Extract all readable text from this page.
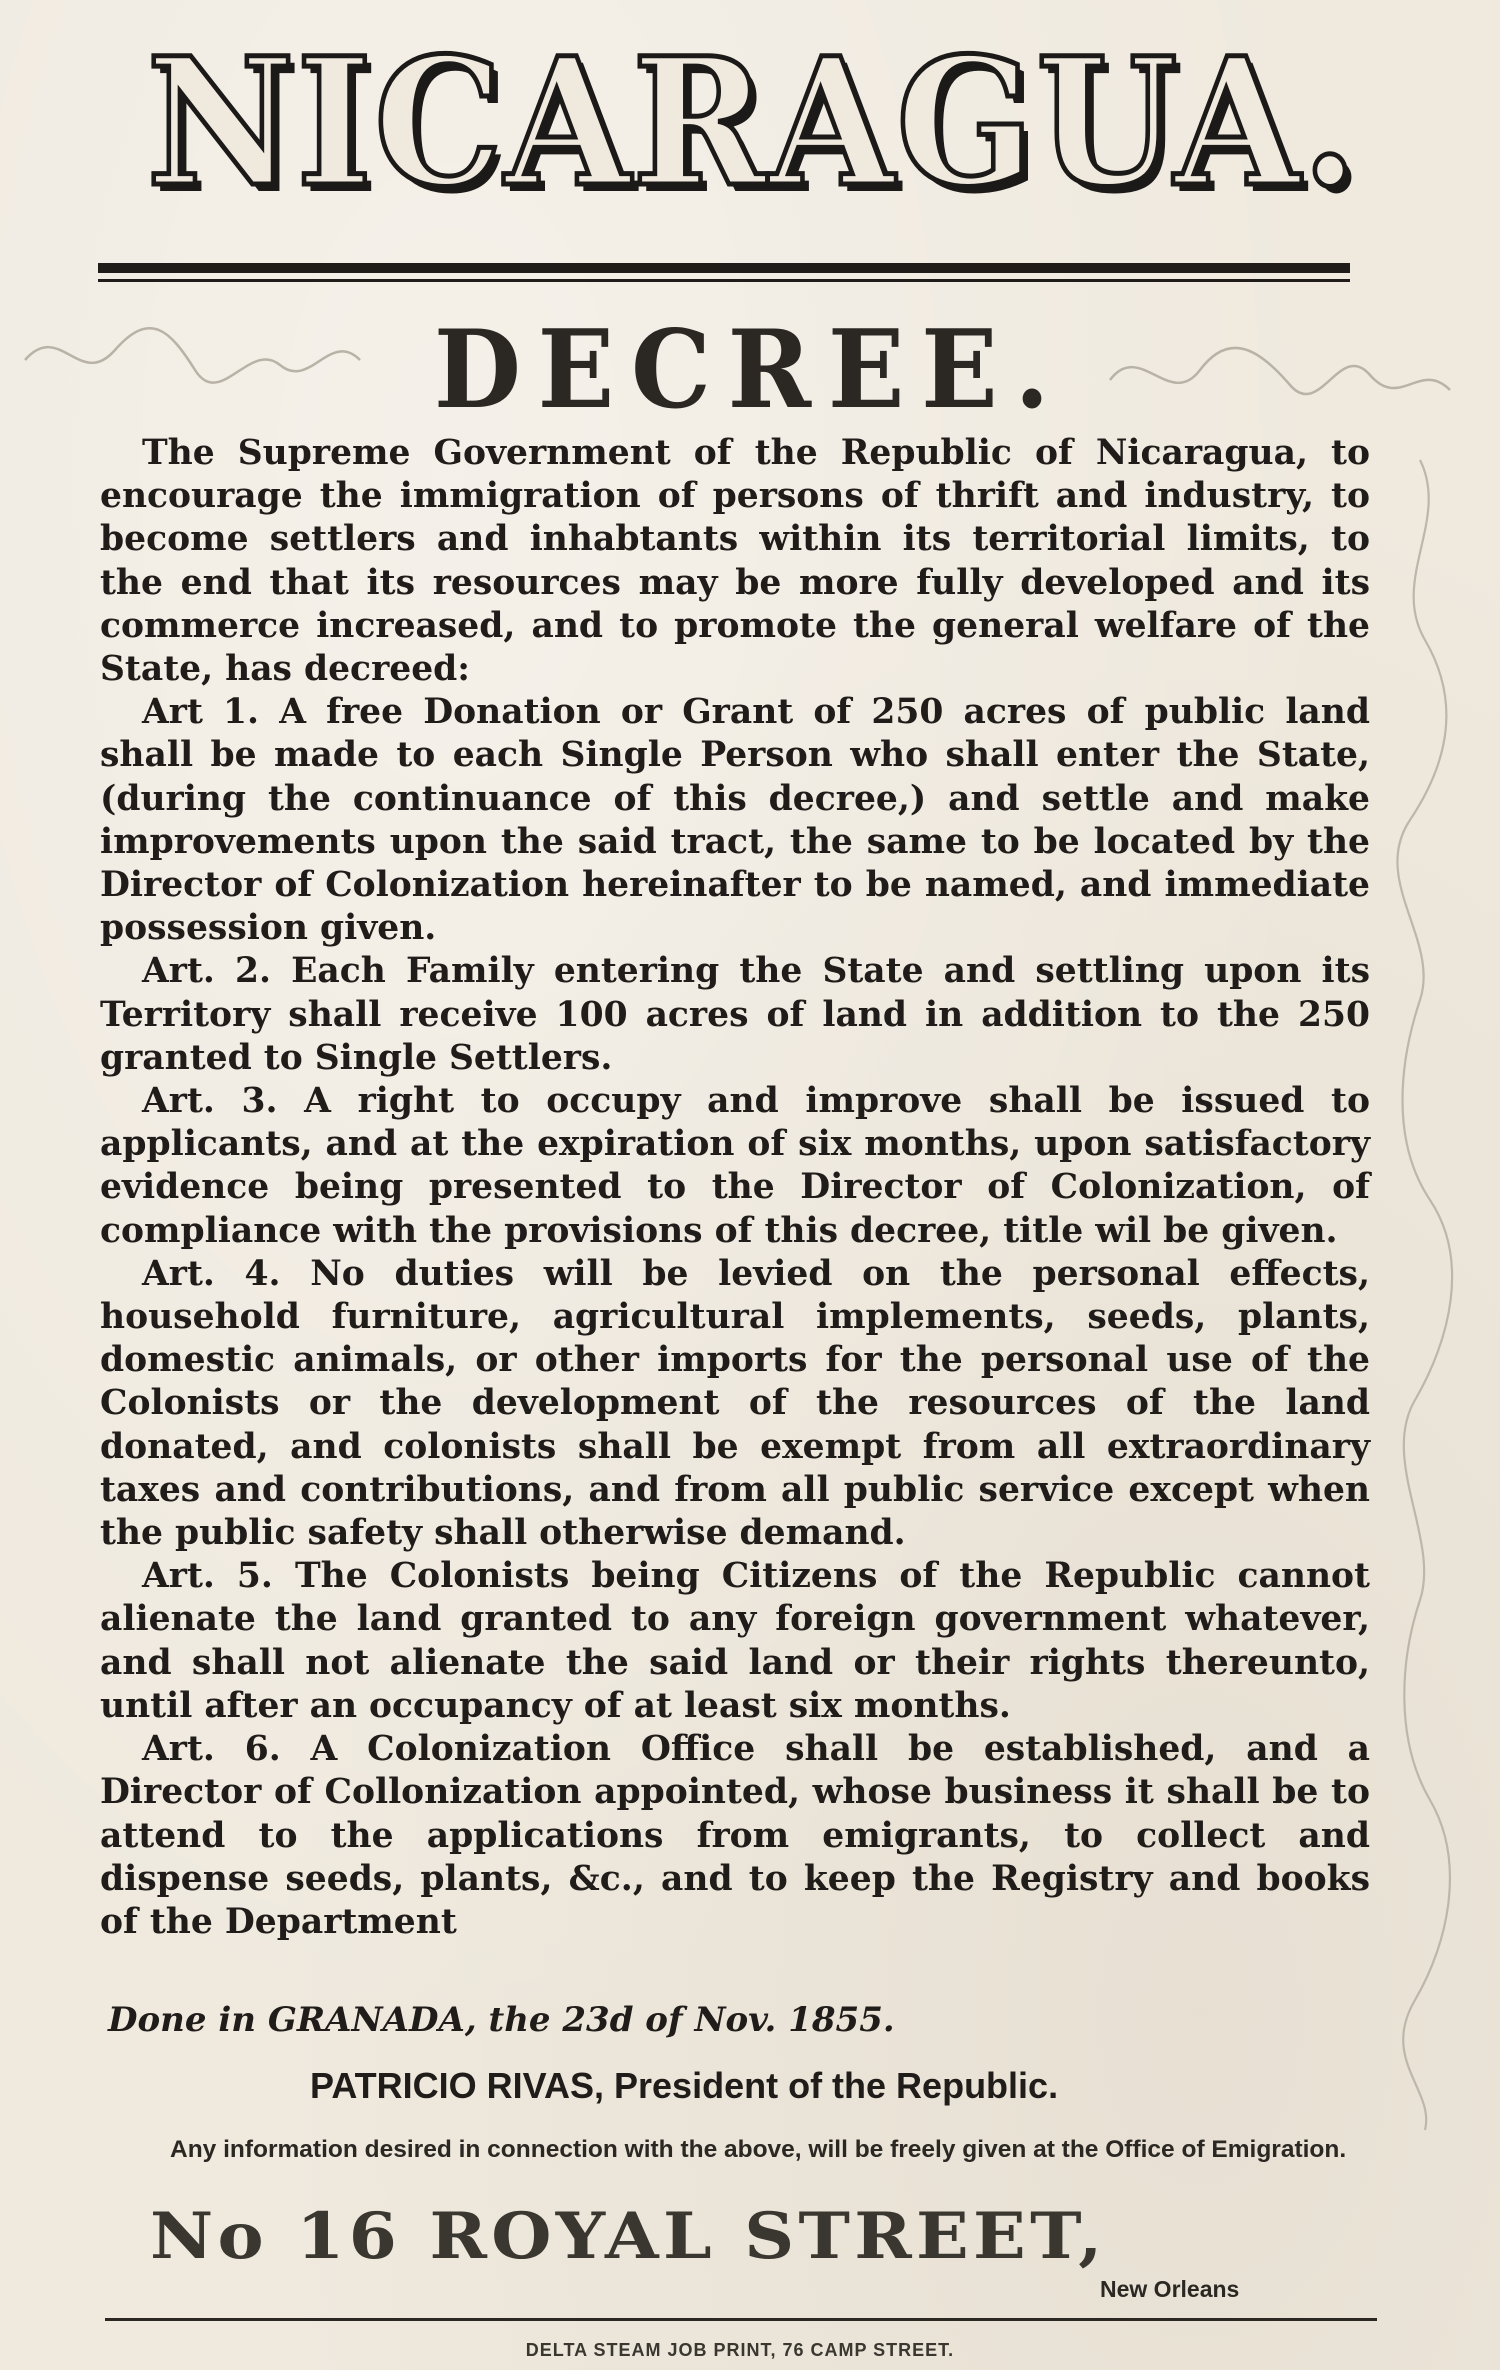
NICARAGUA.
DECREE.

The Supreme Government of the Republic of Nicaragua, to encourage the immigration of persons of thrift and industry, to become settlers and inhabtants within its territorial limits, to the end that its resources may be more fully developed and its commerce increased, and to promote the general welfare of the State, has decreed:

Art 1. A free Donation or Grant of 250 acres of public land shall be made to each Single Person who shall enter the State, (during the continuance of this decree,) and settle and make improvements upon the said tract, the same to be located by the Director of Colonization hereinafter to be named, and immediate possession given.

Art. 2. Each Family entering the State and settling upon its Territory shall receive 100 acres of land in addition to the 250 granted to Single Settlers.

Art. 3. A right to occupy and improve shall be issued to applicants, and at the expiration of six months, upon satisfactory evidence being presented to the Director of Colonization, of compliance with the provisions of this decree, title wil be given.

Art. 4. No duties will be levied on the personal effects, household furniture, agricultural implements, seeds, plants, domestic animals, or other imports for the personal use of the Colonists or the development of the resources of the land donated, and colonists shall be exempt from all extraordinary taxes and contributions, and from all public service except when the public safety shall otherwise demand.

Art. 5. The Colonists being Citizens of the Republic cannot alienate the land granted to any foreign government whatever, and shall not alienate the said land or their rights thereunto, until after an occupancy of at least six months.

Art. 6. A Colonization Office shall be established, and a Director of Collonization appointed, whose business it shall be to attend to the applications from emigrants, to collect and dispense seeds, plants, &c., and to keep the Registry and books of the Department

Done in GRANADA, the 23d of Nov. 1855.
PATRICIO RIVAS, President of the Republic.
Any information desired in connection with the above, will be freely given at the Office of Emigration.
No 16 ROYAL STREET,
New Orleans
DELTA STEAM JOB PRINT, 76 CAMP STREET.
